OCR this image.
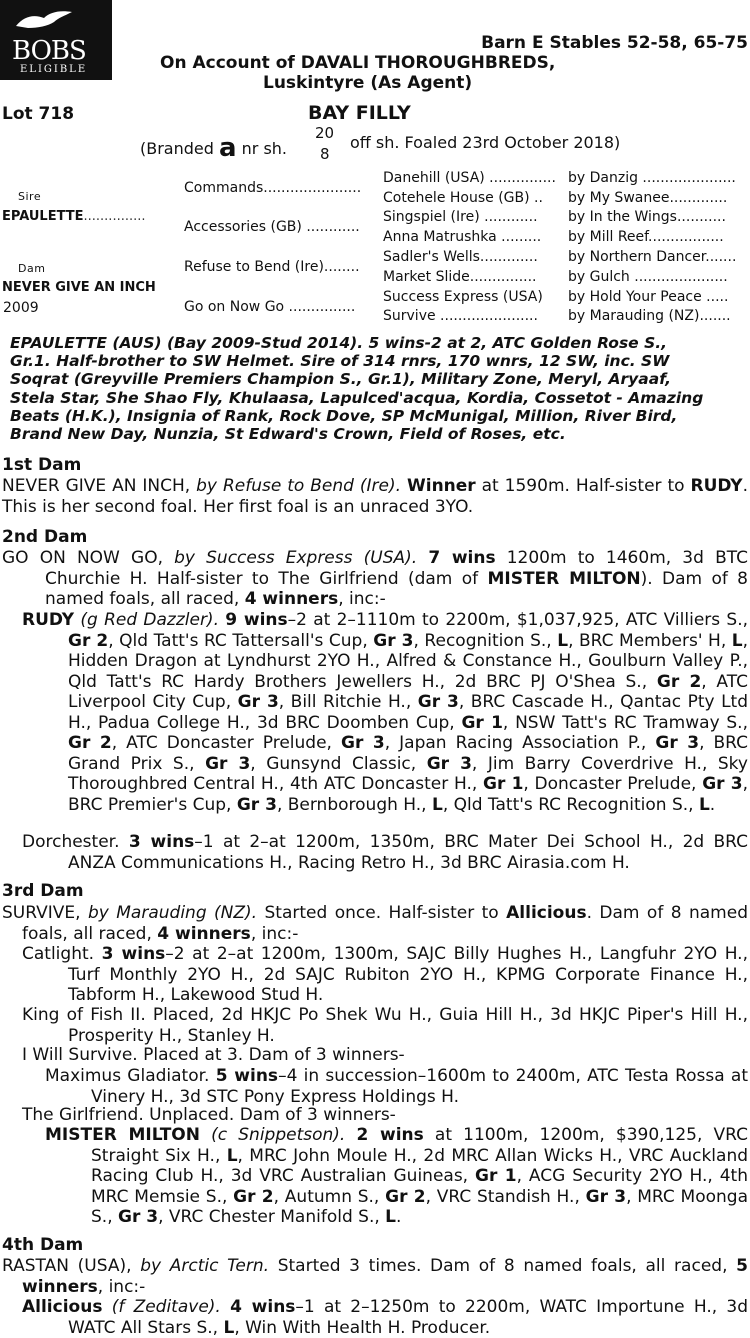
BOBS
ELIGIBLE
Barn E Stables 52-58, 65-75
On Account of DAVALI THOROUGHBREDS,
Luskintyre (As Agent)
Lot 718	BAY FILLY
(Branded a nr sh.
20
8
off sh. Foaled 23rd October 2018)
Sire
EPAULETTE...............
Dam
NEVER GIVE AN INCH
2009
Commands......................
Accessories (GB) ............
Refuse to Bend (Ire)........
Go on Now Go ...............
Danehill (USA) ...............
Cotehele House (GB) ..
Singspiel (Ire) ............
Anna Matrushka .........
Sadler's Wells.............
Market Slide...............
Success Express (USA)
Survive ......................
by Danzig .....................
by My Swanee.............
by In the Wings...........
by Mill Reef.................
by Northern Dancer.......
by Gulch .....................
by Hold Your Peace .....
by Marauding (NZ).......
EPAULETTE (AUS) (Bay 2009-Stud 2014). 5 wins-2 at 2, ATC Golden Rose S.,
Gr.1. Half-brother to SW Helmet. Sire of 314 rnrs, 170 wnrs, 12 SW, inc. SW
Soqrat (Greyville Premiers Champion S., Gr.1), Military Zone, Meryl, Aryaaf,
Stela Star, She Shao Fly, Khulaasa, Lapulced'acqua, Kordia, Cossetot - Amazing
Beats (H.K.), Insignia of Rank, Rock Dove, SP McMunigal, Million, River Bird,
Brand New Day, Nunzia, St Edward's Crown, Field of Roses, etc.
1st Dam
NEVER GIVE AN INCH, by Refuse to Bend (Ire). Winner at 1590m. Half-sister to RUDY. This is her second foal. Her first foal is an unraced 3YO.
2nd Dam
GO ON NOW GO, by Success Express (USA). 7 wins 1200m to 1460m, 3d BTC Churchie H. Half-sister to The Girlfriend (dam of MISTER MILTON). Dam of 8 named foals, all raced, 4 winners, inc:-
RUDY (g Red Dazzler). 9 wins–2 at 2–1110m to 2200m, $1,037,925, ATC Villiers S., Gr 2, Qld Tatt's RC Tattersall's Cup, Gr 3, Recognition S., L, BRC Members' H, L, Hidden Dragon at Lyndhurst 2YO H., Alfred & Constance H., Goulburn Valley P., Qld Tatt's RC Hardy Brothers Jewellers H., 2d BRC PJ O'Shea S., Gr 2, ATC Liverpool City Cup, Gr 3, Bill Ritchie H., Gr 3, BRC Cascade H., Qantac Pty Ltd H., Padua College H., 3d BRC Doomben Cup, Gr 1, NSW Tatt's RC Tramway S., Gr 2, ATC Doncaster Prelude, Gr 3, Japan Racing Association P., Gr 3, BRC Grand Prix S., Gr 3, Gunsynd Classic, Gr 3, Jim Barry Coverdrive H., Sky Thoroughbred Central H., 4th ATC Doncaster H., Gr 1, Doncaster Prelude, Gr 3, BRC Premier's Cup, Gr 3, Bernborough H., L, Qld Tatt's RC Recognition S., L.
Dorchester. 3 wins–1 at 2–at 1200m, 1350m, BRC Mater Dei School H., 2d BRC ANZA Communications H., Racing Retro H., 3d BRC Airasia.com H.
3rd Dam
SURVIVE, by Marauding (NZ). Started once. Half-sister to Allicious. Dam of 8 named foals, all raced, 4 winners, inc:-
Catlight. 3 wins–2 at 2–at 1200m, 1300m, SAJC Billy Hughes H., Langfuhr 2YO H., Turf Monthly 2YO H., 2d SAJC Rubiton 2YO H., KPMG Corporate Finance H., Tabform H., Lakewood Stud H.
King of Fish II. Placed, 2d HKJC Po Shek Wu H., Guia Hill H., 3d HKJC Piper's Hill H., Prosperity H., Stanley H.
I Will Survive. Placed at 3. Dam of 3 winners-
Maximus Gladiator. 5 wins–4 in succession–1600m to 2400m, ATC Testa Rossa at Vinery H., 3d STC Pony Express Holdings H.
The Girlfriend. Unplaced. Dam of 3 winners-
MISTER MILTON (c Snippetson). 2 wins at 1100m, 1200m, $390,125, VRC Straight Six H., L, MRC John Moule H., 2d MRC Allan Wicks H., VRC Auckland Racing Club H., 3d VRC Australian Guineas, Gr 1, ACG Security 2YO H., 4th MRC Memsie S., Gr 2, Autumn S., Gr 2, VRC Standish H., Gr 3, MRC Moonga S., Gr 3, VRC Chester Manifold S., L.
4th Dam
RASTAN (USA), by Arctic Tern. Started 3 times. Dam of 8 named foals, all raced, 5 winners, inc:-
Allicious (f Zeditave). 4 wins–1 at 2–1250m to 2200m, WATC Importune H., 3d WATC All Stars S., L, Win With Health H. Producer.
